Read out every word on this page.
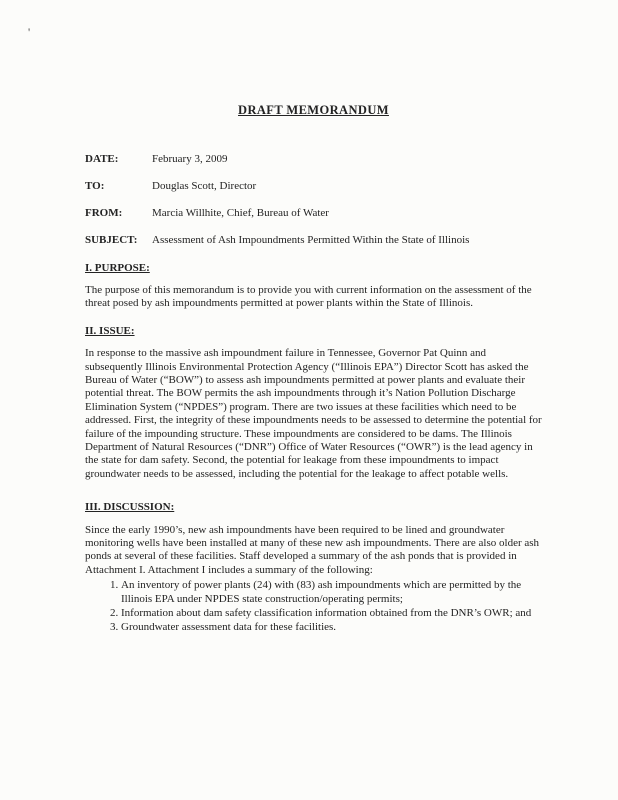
'
DRAFT MEMORANDUM
DATE:	February 3, 2009
TO:	Douglas Scott, Director
FROM:	Marcia Willhite, Chief, Bureau of Water
SUBJECT:	Assessment of Ash Impoundments Permitted Within the State of Illinois
I. PURPOSE:

The purpose of this memorandum is to provide you with current information on the assessment of the threat posed by ash impoundments permitted at power plants within the State of Illinois.

II. ISSUE:

In response to the massive ash impoundment failure in Tennessee, Governor Pat Quinn and subsequently Illinois Environmental Protection Agency (“Illinois EPA”) Director Scott has asked the Bureau of Water (“BOW”) to assess ash impoundments permitted at power plants and evaluate their potential threat. The BOW permits the ash impoundments through it’s Nation Pollution Discharge Elimination System (“NPDES”) program. There are two issues at these facilities which need to be addressed. First, the integrity of these impoundments needs to be assessed to determine the potential for failure of the impounding structure. These impoundments are considered to be dams. The Illinois Department of Natural Resources (“DNR”) Office of Water Resources (“OWR”) is the lead agency in the state for dam safety. Second, the potential for leakage from these impoundments to impact groundwater needs to be assessed, including the potential for the leakage to affect potable wells.

III. DISCUSSION:

Since the early 1990’s, new ash impoundments have been required to be lined and groundwater monitoring wells have been installed at many of these new ash impoundments. There are also older ash ponds at several of these facilities. Staff developed a summary of the ash ponds that is provided in Attachment I. Attachment I includes a summary of the following:

1. An inventory of power plants (24) with (83) ash impoundments which are permitted by the Illinois EPA under NPDES state construction/operating permits;
2. Information about dam safety classification information obtained from the DNR’s OWR; and
3. Groundwater assessment data for these facilities.
